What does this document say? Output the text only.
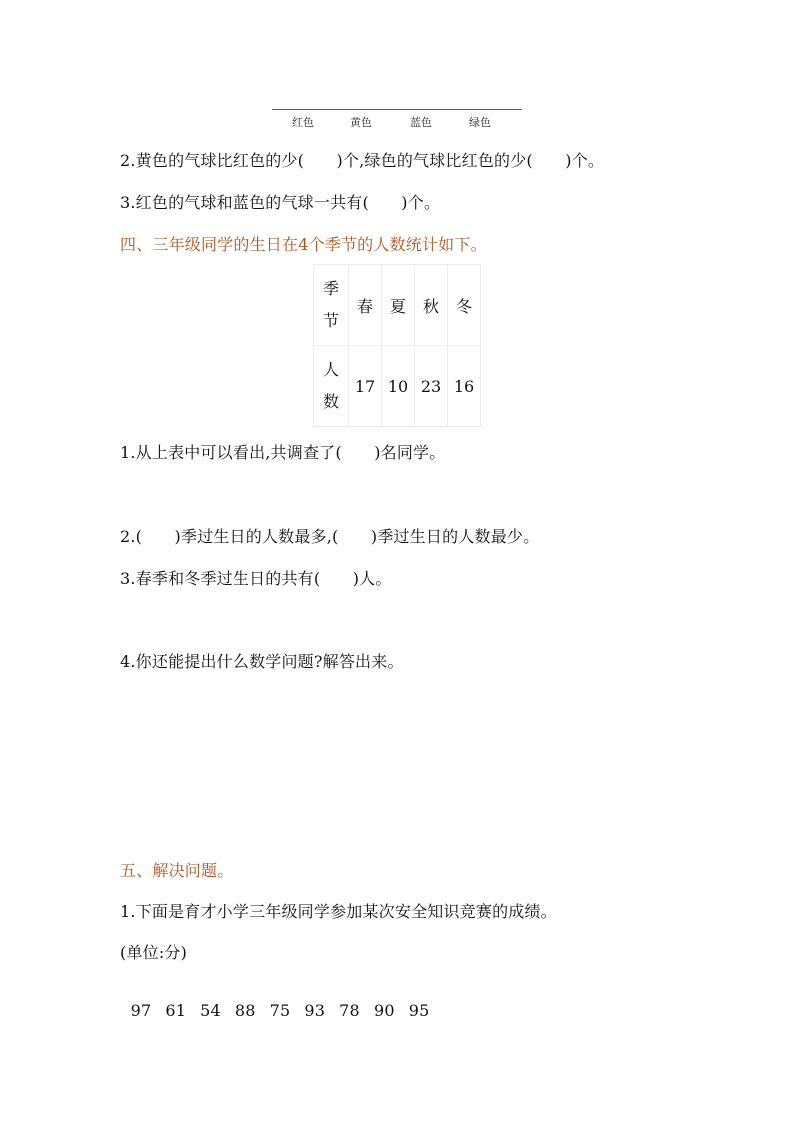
红色	黄色	蓝色	绿色
2.黄色的气球比红色的少(　　)个,绿色的气球比红色的少(　　)个。
3.红色的气球和蓝色的气球一共有(　　)个。
四、三年级同学的生日在4个季节的人数统计如下。
季
节	春	夏	秋	冬

人
数	17	10	23	16
1.从上表中可以看出,共调查了(　　)名同学。
2.(　　)季过生日的人数最多,(　　)季过生日的人数最少。
3.春季和冬季过生日的共有(　　)人。
4.你还能提出什么数学问题?解答出来。
五、解决问题。
1.下面是育才小学三年级同学参加某次安全知识竞赛的成绩。
(单位:分)

97 61 54 88 75 93 78 90 95
